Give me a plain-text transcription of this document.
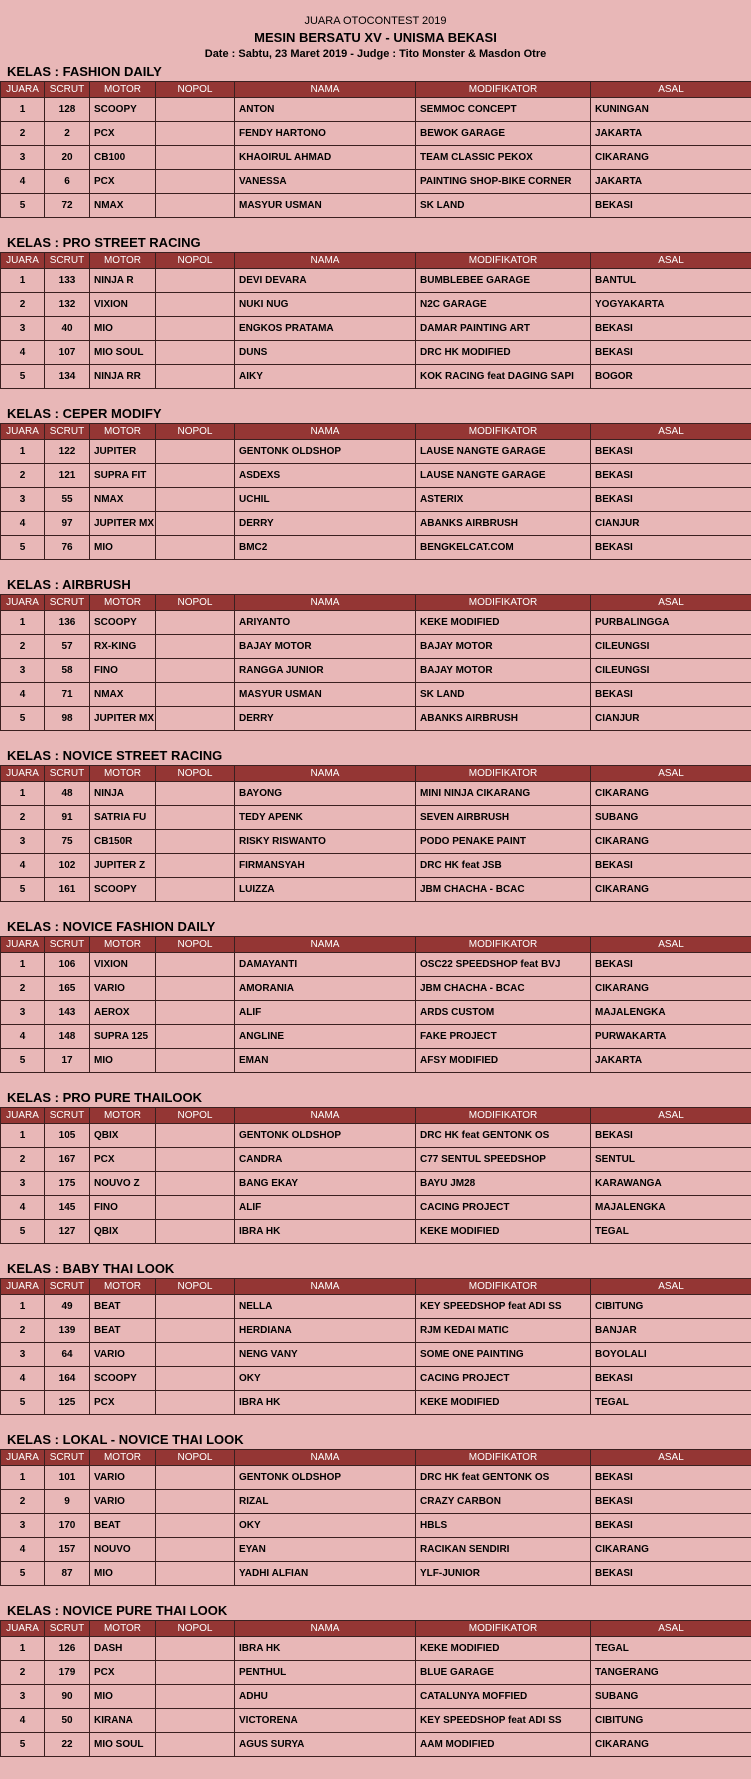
JUARA OTOCONTEST 2019
MESIN BERSATU XV - UNISMA BEKASI
Date : Sabtu, 23 Maret 2019 - Judge : Tito Monster & Masdon Otre
KELAS : FASHION DAILY
JUARA	SCRUT	MOTOR	NOPOL	NAMA	MODIFIKATOR	ASAL
1	128	SCOOPY		ANTON	SEMMOC CONCEPT	KUNINGAN
2	2	PCX		FENDY HARTONO	BEWOK GARAGE	JAKARTA
3	20	CB100		KHAOIRUL AHMAD	TEAM CLASSIC PEKOX	CIKARANG
4	6	PCX		VANESSA	PAINTING SHOP-BIKE CORNER	JAKARTA
5	72	NMAX		MASYUR USMAN	SK LAND	BEKASI
KELAS : PRO STREET RACING
JUARA	SCRUT	MOTOR	NOPOL	NAMA	MODIFIKATOR	ASAL
1	133	NINJA R		DEVI DEVARA	BUMBLEBEE GARAGE	BANTUL
2	132	VIXION		NUKI NUG	N2C GARAGE	YOGYAKARTA
3	40	MIO		ENGKOS PRATAMA	DAMAR PAINTING ART	BEKASI
4	107	MIO SOUL		DUNS	DRC HK MODIFIED	BEKASI
5	134	NINJA RR		AIKY	KOK RACING feat DAGING SAPI	BOGOR
KELAS : CEPER MODIFY
JUARA	SCRUT	MOTOR	NOPOL	NAMA	MODIFIKATOR	ASAL
1	122	JUPITER		GENTONK OLDSHOP	LAUSE NANGTE GARAGE	BEKASI
2	121	SUPRA FIT		ASDEXS	LAUSE NANGTE GARAGE	BEKASI
3	55	NMAX		UCHIL	ASTERIX	BEKASI
4	97	JUPITER MX		DERRY	ABANKS AIRBRUSH	CIANJUR
5	76	MIO		BMC2	BENGKELCAT.COM	BEKASI
KELAS : AIRBRUSH
JUARA	SCRUT	MOTOR	NOPOL	NAMA	MODIFIKATOR	ASAL
1	136	SCOOPY		ARIYANTO	KEKE MODIFIED	PURBALINGGA
2	57	RX-KING		BAJAY MOTOR	BAJAY MOTOR	CILEUNGSI
3	58	FINO		RANGGA JUNIOR	BAJAY MOTOR	CILEUNGSI
4	71	NMAX		MASYUR USMAN	SK LAND	BEKASI
5	98	JUPITER MX		DERRY	ABANKS AIRBRUSH	CIANJUR
KELAS : NOVICE STREET RACING
JUARA	SCRUT	MOTOR	NOPOL	NAMA	MODIFIKATOR	ASAL
1	48	NINJA		BAYONG	MINI NINJA CIKARANG	CIKARANG
2	91	SATRIA FU		TEDY APENK	SEVEN AIRBRUSH	SUBANG
3	75	CB150R		RISKY RISWANTO	PODO PENAKE PAINT	CIKARANG
4	102	JUPITER Z		FIRMANSYAH	DRC HK feat JSB	BEKASI
5	161	SCOOPY		LUIZZA	JBM CHACHA - BCAC	CIKARANG
KELAS : NOVICE FASHION DAILY
JUARA	SCRUT	MOTOR	NOPOL	NAMA	MODIFIKATOR	ASAL
1	106	VIXION		DAMAYANTI	OSC22 SPEEDSHOP feat BVJ	BEKASI
2	165	VARIO		AMORANIA	JBM CHACHA - BCAC	CIKARANG
3	143	AEROX		ALIF	ARDS CUSTOM	MAJALENGKA
4	148	SUPRA 125		ANGLINE	FAKE PROJECT	PURWAKARTA
5	17	MIO		EMAN	AFSY MODIFIED	JAKARTA
KELAS : PRO PURE THAILOOK
JUARA	SCRUT	MOTOR	NOPOL	NAMA	MODIFIKATOR	ASAL
1	105	QBIX		GENTONK OLDSHOP	DRC HK feat GENTONK OS	BEKASI
2	167	PCX		CANDRA	C77 SENTUL SPEEDSHOP	SENTUL
3	175	NOUVO Z		BANG EKAY	BAYU JM28	KARAWANGA
4	145	FINO		ALIF	CACING PROJECT	MAJALENGKA
5	127	QBIX		IBRA HK	KEKE MODIFIED	TEGAL
KELAS : BABY THAI LOOK
JUARA	SCRUT	MOTOR	NOPOL	NAMA	MODIFIKATOR	ASAL
1	49	BEAT		NELLA	KEY SPEEDSHOP feat ADI SS	CIBITUNG
2	139	BEAT		HERDIANA	RJM KEDAI MATIC	BANJAR
3	64	VARIO		NENG VANY	SOME ONE PAINTING	BOYOLALI
4	164	SCOOPY		OKY	CACING PROJECT	BEKASI
5	125	PCX		IBRA HK	KEKE MODIFIED	TEGAL
KELAS : LOKAL - NOVICE THAI LOOK
JUARA	SCRUT	MOTOR	NOPOL	NAMA	MODIFIKATOR	ASAL
1	101	VARIO		GENTONK OLDSHOP	DRC HK feat GENTONK OS	BEKASI
2	9	VARIO		RIZAL	CRAZY CARBON	BEKASI
3	170	BEAT		OKY	HBLS	BEKASI
4	157	NOUVO		EYAN	RACIKAN SENDIRI	CIKARANG
5	87	MIO		YADHI ALFIAN	YLF-JUNIOR	BEKASI
KELAS : NOVICE PURE THAI LOOK
JUARA	SCRUT	MOTOR	NOPOL	NAMA	MODIFIKATOR	ASAL
1	126	DASH		IBRA HK	KEKE MODIFIED	TEGAL
2	179	PCX		PENTHUL	BLUE GARAGE	TANGERANG
3	90	MIO		ADHU	CATALUNYA MOFFIED	SUBANG
4	50	KIRANA		VICTORENA	KEY SPEEDSHOP feat ADI SS	CIBITUNG
5	22	MIO SOUL		AGUS SURYA	AAM MODIFIED	CIKARANG
